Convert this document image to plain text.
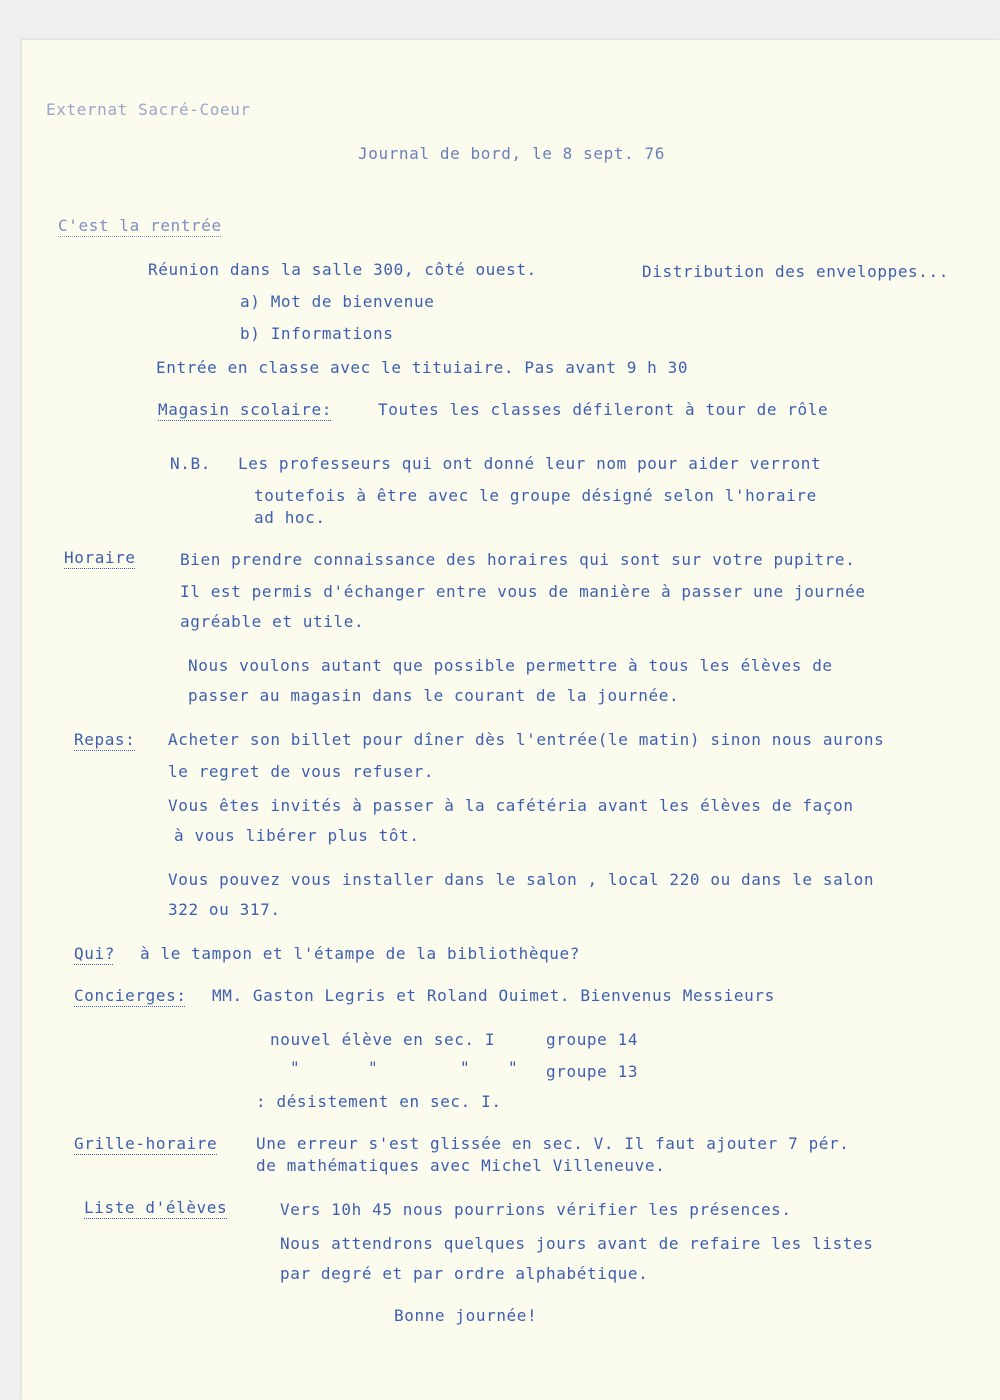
Externat Sacré-Coeur
Journal de bord, le 8 sept. 76
C'est la rentrée
Réunion dans la salle 300, côté ouest.	Distribution des enveloppes...
a) Mot de bienvenue
b) Informations
Entrée en classe avec le tituiaire. Pas avant 9 h 30
Magasin scolaire:	Toutes les classes défileront à tour de rôle
N.B. Les professeurs qui ont donné leur nom pour aider verront
toutefois à être avec le groupe désigné selon l'horaire
ad hoc.
Horaire	Bien prendre connaissance des horaires qui sont sur votre pupitre.
Il est permis d'échanger entre vous de manière à passer une journée
agréable et utile.
Nous voulons autant que possible permettre à tous les élèves de
passer au magasin dans le courant de la journée.
Repas: Acheter son billet pour dîner dès l'entrée(le matin) sinon nous aurons
le regret de vous refuser.
Vous êtes invités à passer à la cafétéria avant les élèves de façon
à vous libérer plus tôt.
Vous pouvez vous installer dans le salon , local 220 ou dans le salon
322 ou 317.
Qui? à le tampon et l'étampe de la bibliothèque?
Concierges: MM. Gaston Legris et Roland Ouimet. Bienvenus Messieurs
nouvel élève en sec. I	groupe 14
"	"	" " groupe 13
: désistement en sec. I.
Grille-horaire Une erreur s'est glissée en sec. V. Il faut ajouter 7 pér.
de mathématiques avec Michel Villeneuve.
Liste d'élèves	Vers 10h 45 nous pourrions vérifier les présences.
Nous attendrons quelques jours avant de refaire les listes
par degré et par ordre alphabétique.
Bonne journée!
